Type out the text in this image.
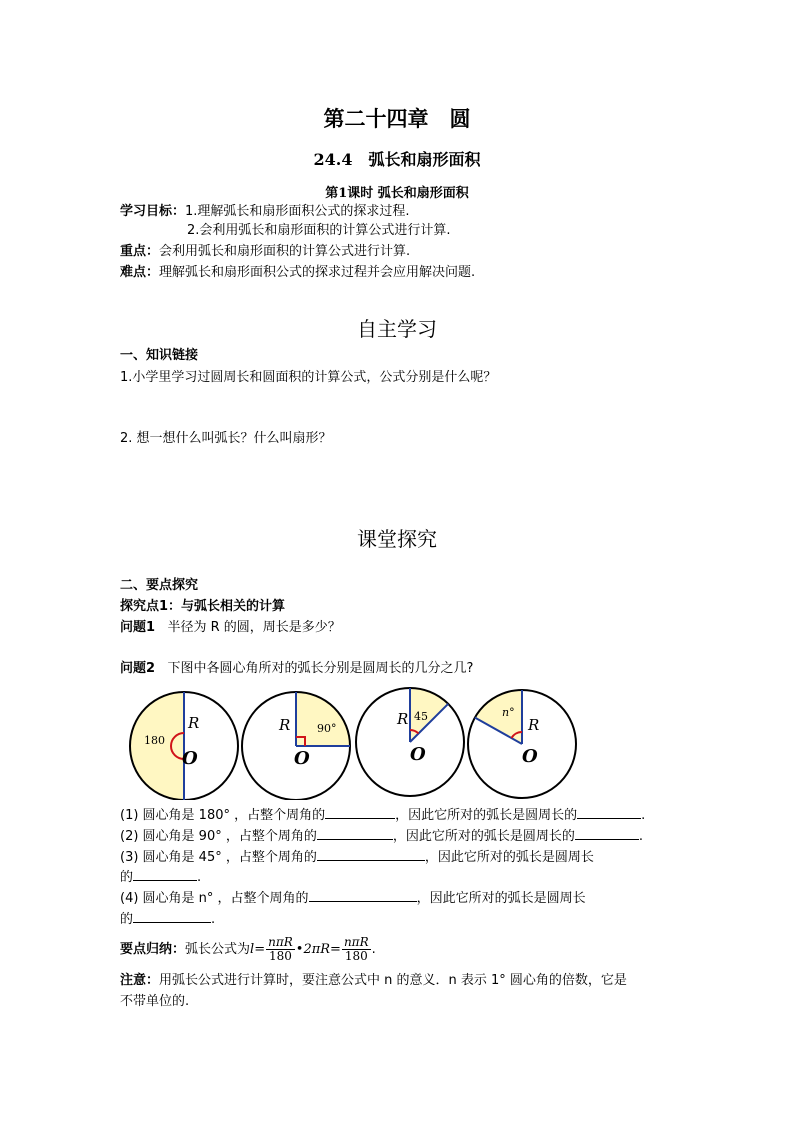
第二十四章　圆
24.4　弧长和扇形面积
第1课时 弧长和扇形面积
学习目标：1.理解弧长和扇形面积公式的探求过程.
2.会利用弧长和扇形面积的计算公式进行计算.
重点：会利用弧长和扇形面积的计算公式进行计算.
难点：理解弧长和扇形面积公式的探求过程并会应用解决问题.
自主学习
一、知识链接
1.小学里学习过圆周长和圆面积的计算公式，公式分别是什么呢？
2. 想一想什么叫弧长？什么叫扇形？
课堂探究
二、要点探究
探究点1：与弧长相关的计算
问题1 半径为 R 的圆，周长是多少？
问题2 下图中各圆心角所对的弧长分别是圆周长的几分之几?
180
R
O
90°
R
O
45
R
O
n°
R
O
(1) 圆心角是 180° ，占整个周角的	，因此它所对的弧长是圆周长的	.
(2) 圆心角是 90° ，占整个周角的	，因此它所对的弧长是圆周长的	.
(3) 圆心角是 45° ，占整个周角的	，因此它所对的弧长是圆周长
的	.
(4) 圆心角是 n° ，占整个周角的	，因此它所对的弧长是圆周长
的	.
要点归纳：弧长公式为$l= \frac{\text{nπR}}{180}$ •2πR= $\frac{\text{nπR}}{180}$ .
注意：用弧长公式进行计算时，要注意公式中 n 的意义．n 表示 1° 圆心角的倍数，它是
不带单位的.
